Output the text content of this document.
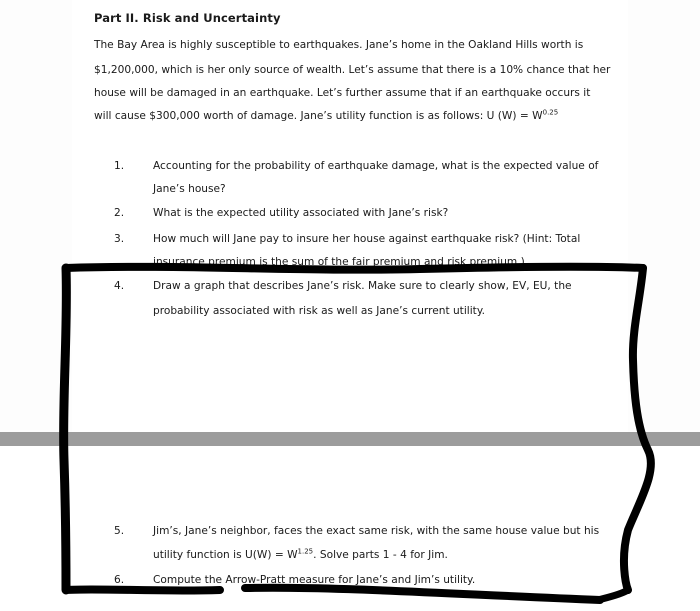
Part II. Risk and Uncertainty
The Bay Area is highly susceptible to earthquakes. Jane’s home in the Oakland Hills worth is
$1,200,000, which is her only source of wealth. Let’s assume that there is a 10% chance that her
house will be damaged in an earthquake. Let’s further assume that if an earthquake occurs it
will cause $300,000 worth of damage. Jane’s utility function is as follows: U $(W) = W^{0.25}$
1.	Accounting for the probability of earthquake damage, what is the expected value of
Jane’s house?
2.	What is the expected utility associated with Jane’s risk?
3.	How much will Jane pay to insure her house against earthquake risk? (Hint: Total
insurance premium is the sum of the fair premium and risk premium.)
4.	Draw a graph that describes Jane’s risk. Make sure to clearly show, EV, EU, the
probability associated with risk as well as Jane’s current utility.
5.	Jim’s, Jane’s neighbor, faces the exact same risk, with the same house value but his
utility function is $U(W) = W^{1.25}$. Solve parts 1 - 4 for Jim.
6.	Compute the Arrow-Pratt measure for Jane’s and Jim’s utility.
